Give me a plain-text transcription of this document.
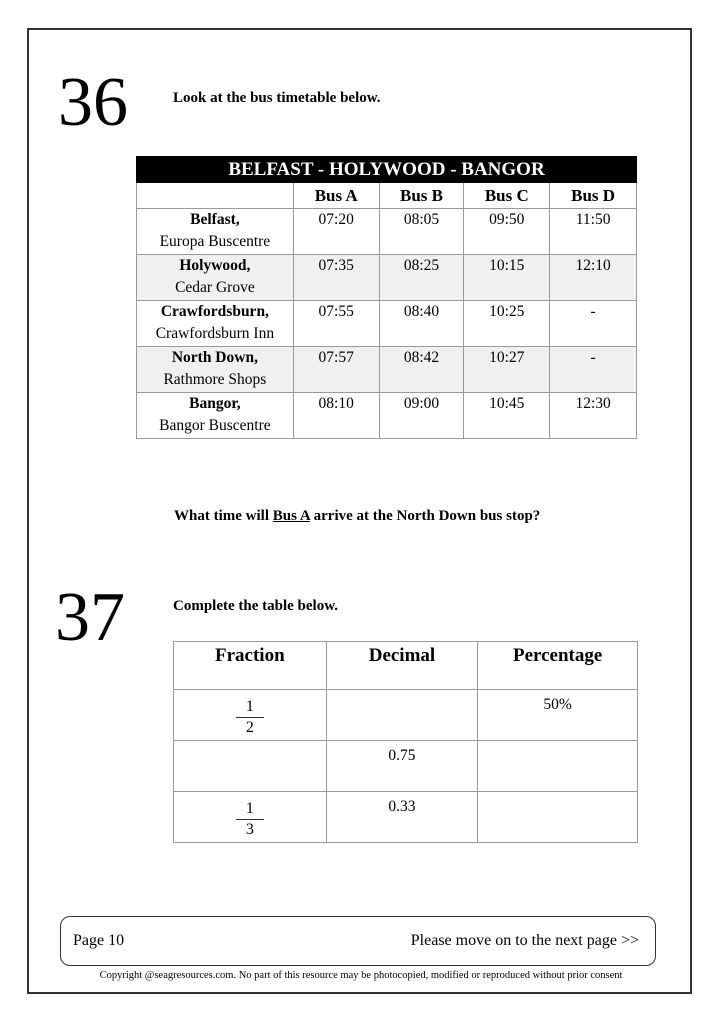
36	Look at the bus timetable below.
BELFAST - HOLYWOOD - BANGOR				
	Bus A	Bus B	Bus C	Bus D

Belfast,
Europa Buscentre	07:20	08:05	09:50	11:50

Holywood,
Cedar Grove	07:35	08:25	10:15	12:10

Crawfordsburn,
Crawfordsburn Inn	07:55	08:40	10:25	-

North Down,
Rathmore Shops	07:57	08:42	10:27	-

Bangor,
Bangor Buscentre	08:10	09:00	10:45	12:30
What time will Bus A arrive at the North Down bus stop?
37	Complete the table below.
Fraction	Decimal	Percentage

$\frac{1}{2}$		50%
	0.75	

$\frac{1}{3}$	0.33	
Page 10	Please move on to the next page >>
Copyright @seagresources.com. No part of this resource may be photocopied, modified or reproduced without prior consent
